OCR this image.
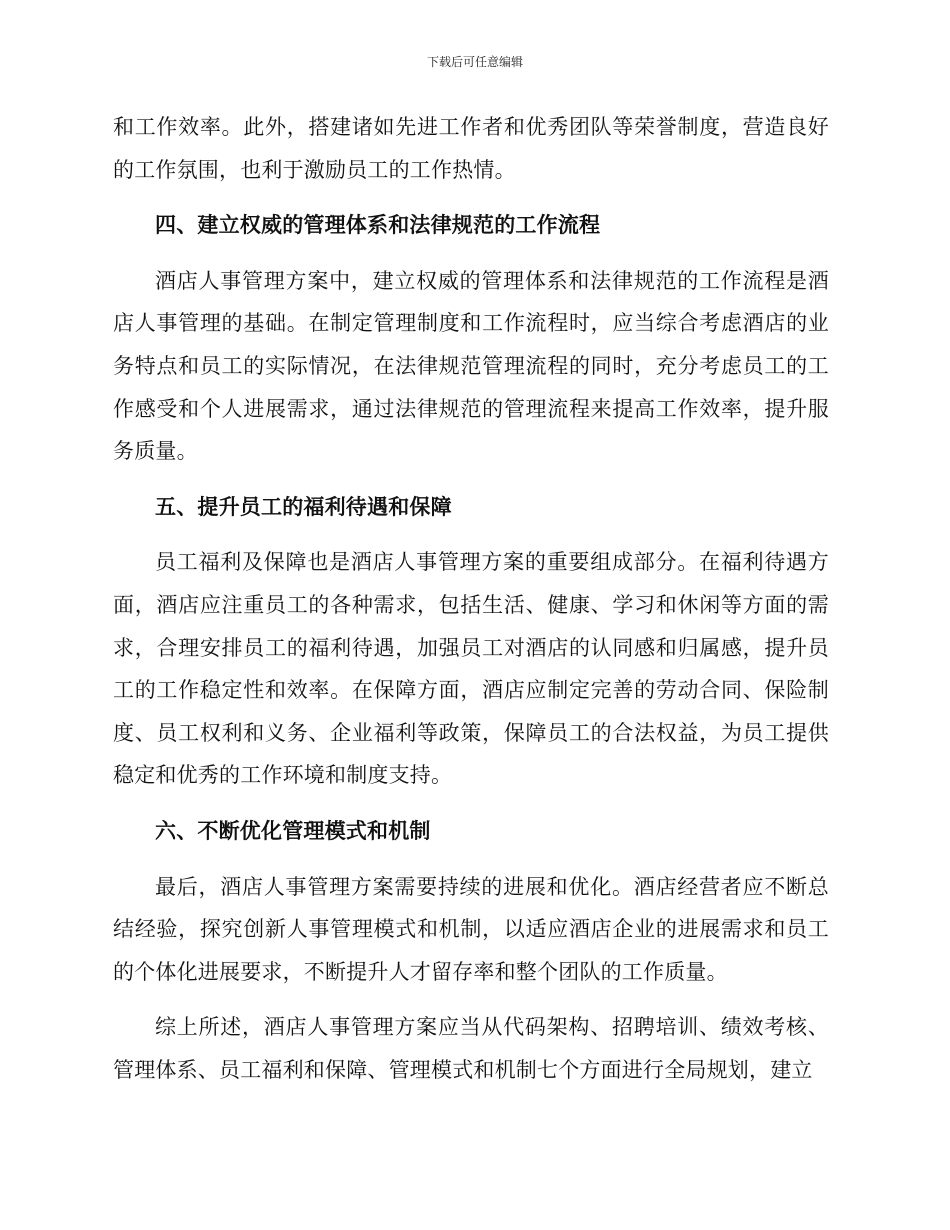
下载后可任意编辑

和工作效率。此外，搭建诸如先进工作者和优秀团队等荣誉制度，营造良好的工作氛围，也利于激励员工的工作热情。

四、建立权威的管理体系和法律规范的工作流程

酒店人事管理方案中，建立权威的管理体系和法律规范的工作流程是酒店人事管理的基础。在制定管理制度和工作流程时，应当综合考虑酒店的业务特点和员工的实际情况，在法律规范管理流程的同时，充分考虑员工的工作感受和个人进展需求，通过法律规范的管理流程来提高工作效率，提升服务质量。

五、提升员工的福利待遇和保障

员工福利及保障也是酒店人事管理方案的重要组成部分。在福利待遇方面，酒店应注重员工的各种需求，包括生活、健康、学习和休闲等方面的需求，合理安排员工的福利待遇，加强员工对酒店的认同感和归属感，提升员工的工作稳定性和效率。在保障方面，酒店应制定完善的劳动合同、保险制度、员工权利和义务、企业福利等政策，保障员工的合法权益，为员工提供稳定和优秀的工作环境和制度支持。

六、不断优化管理模式和机制

最后，酒店人事管理方案需要持续的进展和优化。酒店经营者应不断总结经验，探究创新人事管理模式和机制，以适应酒店企业的进展需求和员工的个体化进展要求，不断提升人才留存率和整个团队的工作质量。

综上所述，酒店人事管理方案应当从代码架构、招聘培训、绩效考核、管理体系、员工福利和保障、管理模式和机制七个方面进行全局规划，建立
